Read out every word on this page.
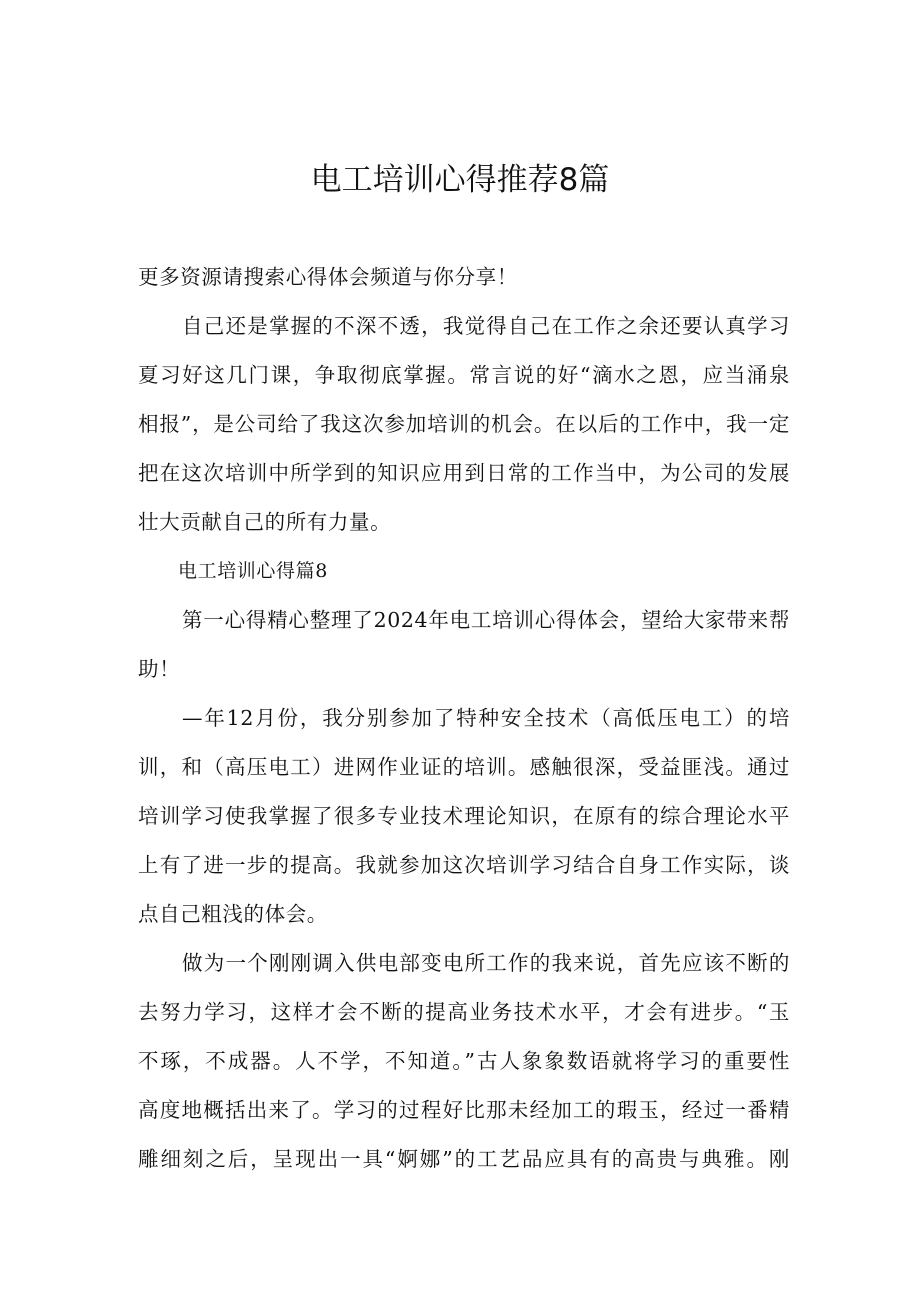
电工培训心得推荐8篇

更多资源请搜索心得体会频道与你分享！

自己还是掌握的不深不透，我觉得自己在工作之余还要认真学习

夏习好这几门课，争取彻底掌握。常言说的好“滴水之恩，应当涌泉

相报”，是公司给了我这次参加培训的机会。在以后的工作中，我一定

把在这次培训中所学到的知识应用到日常的工作当中，为公司的发展

壮大贡献自己的所有力量。

电工培训心得篇8

第一心得精心整理了2024年电工培训心得体会，望给大家带来帮

助！

—年12月份，我分别参加了特种安全技术（高低压电工）的培

训，和（高压电工）进网作业证的培训。感触很深，受益匪浅。通过

培训学习使我掌握了很多专业技术理论知识，在原有的综合理论水平

上有了进一步的提高。我就参加这次培训学习结合自身工作实际，谈

点自己粗浅的体会。

做为一个刚刚调入供电部变电所工作的我来说，首先应该不断的

去努力学习，这样才会不断的提高业务技术水平，才会有进步。“玉

不琢，不成器。人不学，不知道。”古人象象数语就将学习的重要性

高度地概括出来了。学习的过程好比那未经加工的瑕玉，经过一番精

雕细刻之后，呈现出一具“婀娜”的工艺品应具有的高贵与典雅。刚
